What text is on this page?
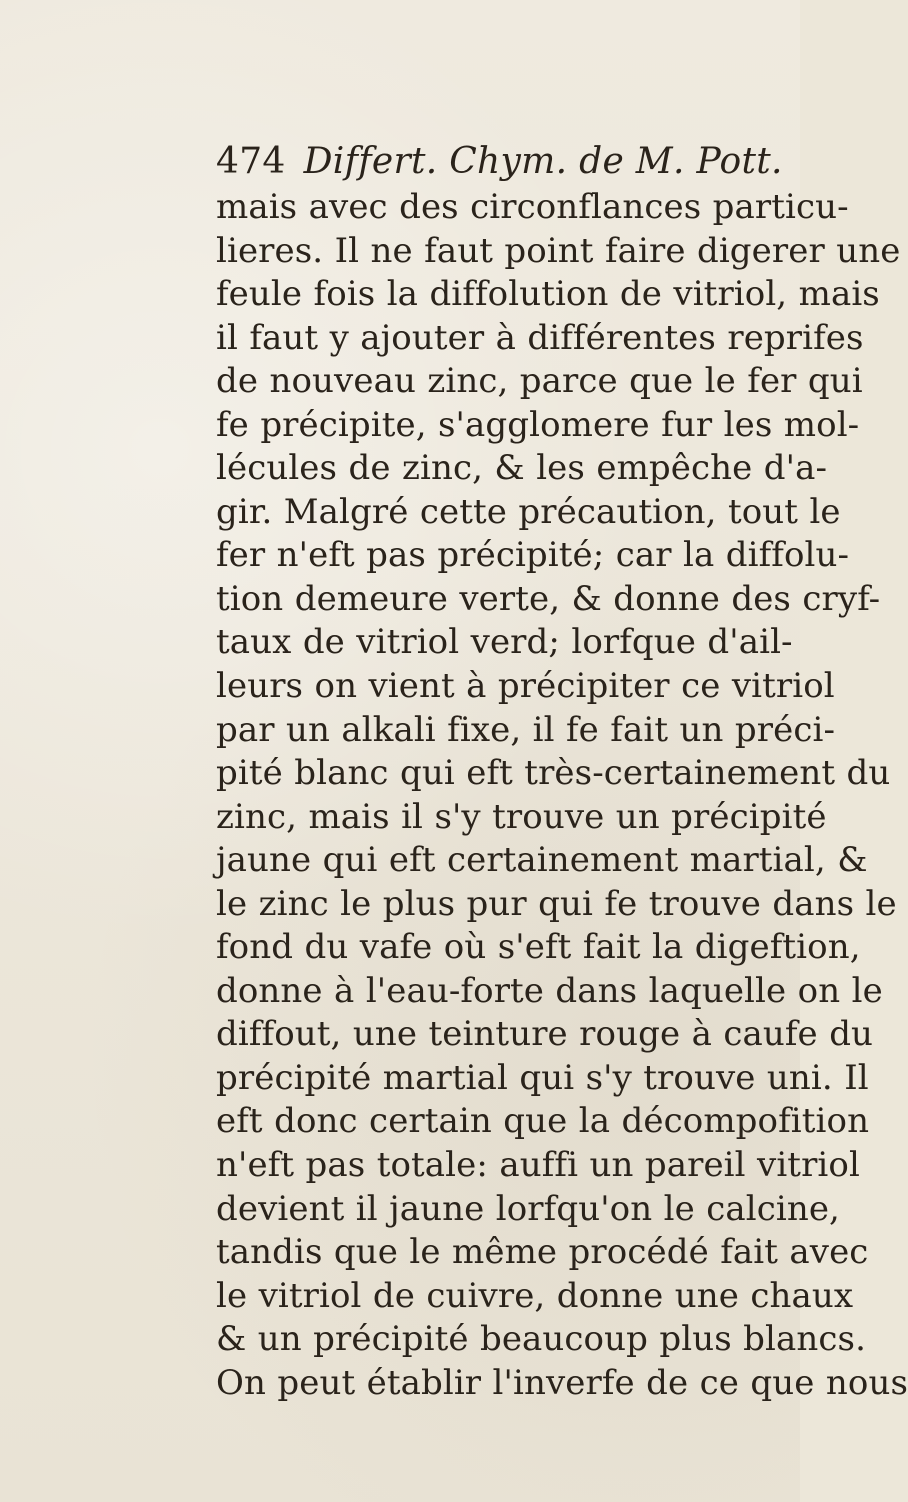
474 Differt. Chym. de M. Pott.
mais avec des circonflances particu-
lieres. Il ne faut point faire digerer une
feule fois la diffolution de vitriol, mais
il faut y ajouter à différentes reprifes
de nouveau zinc, parce que le fer qui
fe précipite, s'agglomere fur les mol-
lécules de zinc, & les empêche d'a-
gir. Malgré cette précaution, tout le
fer n'eft pas précipité; car la diffolu-
tion demeure verte, & donne des cryf-
taux de vitriol verd; lorfque d'ail-
leurs on vient à précipiter ce vitriol
par un alkali fixe, il fe fait un préci-
pité blanc qui eft très-certainement du
zinc, mais il s'y trouve un précipité
jaune qui eft certainement martial, &
le zinc le plus pur qui fe trouve dans le
fond du vafe où s'eft fait la digeftion,
donne à l'eau-forte dans laquelle on le
diffout, une teinture rouge à caufe du
précipité martial qui s'y trouve uni. Il
eft donc certain que la décompofition
n'eft pas totale: auffi un pareil vitriol
devient il jaune lorfqu'on le calcine,
tandis que le même procédé fait avec
le vitriol de cuivre, donne une chaux
& un précipité beaucoup plus blancs.
On peut établir l'inverfe de ce que nous
